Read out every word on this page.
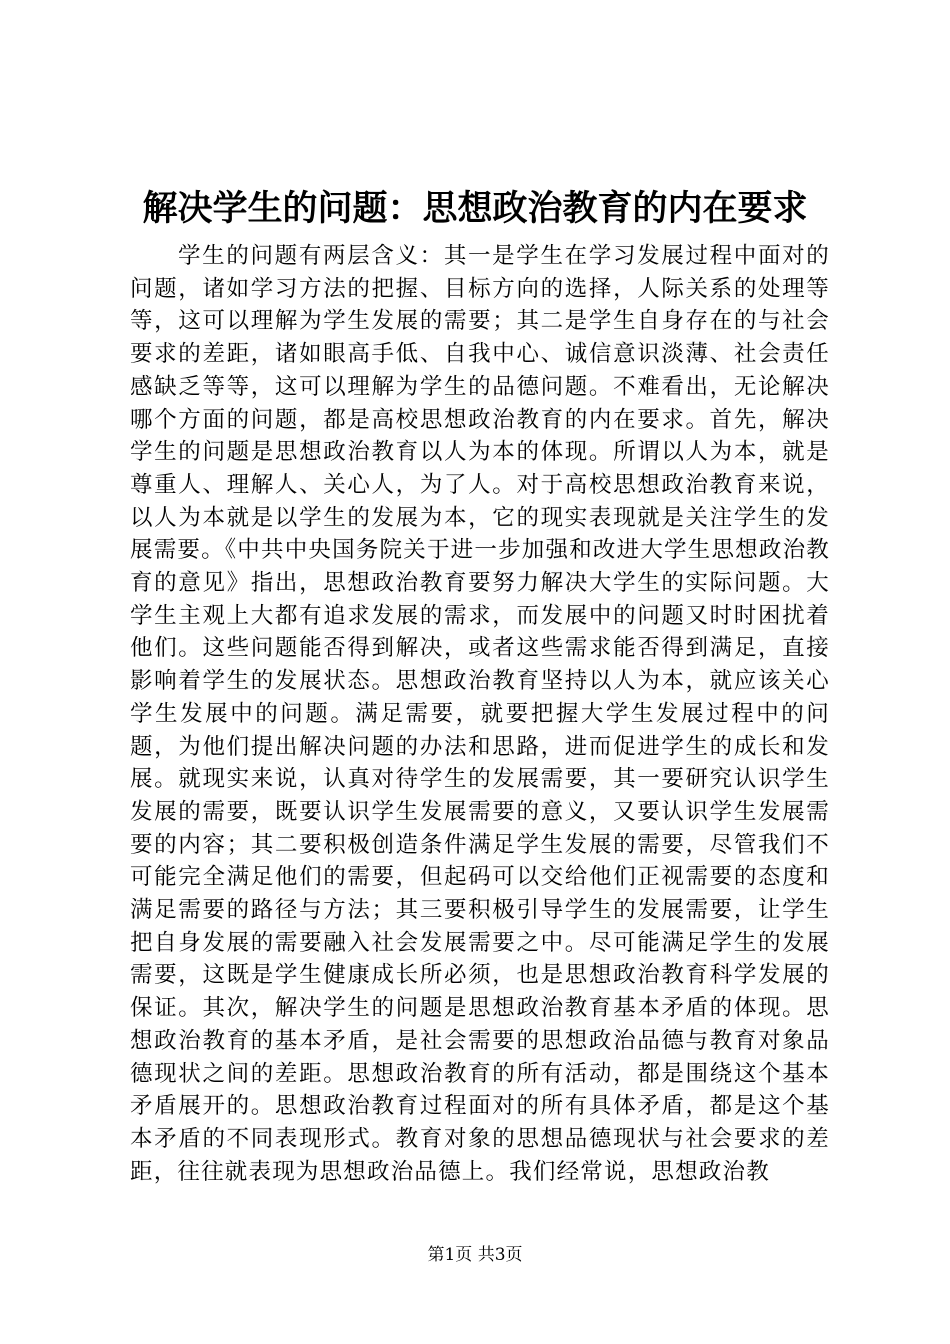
解决学生的问题：思想政治教育的内在要求

学生的问题有两层含义：其一是学生在学习发展过程中面对的问题，诸如学习方法的把握、目标方向的选择，人际关系的处理等等，这可以理解为学生发展的需要；其二是学生自身存在的与社会要求的差距，诸如眼高手低、自我中心、诚信意识淡薄、社会责任感缺乏等等，这可以理解为学生的品德问题。不难看出，无论解决哪个方面的问题，都是高校思想政治教育的内在要求。首先，解决学生的问题是思想政治教育以人为本的体现。所谓以人为本，就是尊重人、理解人、关心人，为了人。对于高校思想政治教育来说，以人为本就是以学生的发展为本，它的现实表现就是关注学生的发展需要。《中共中央国务院关于进一步加强和改进大学生思想政治教育的意见》指出，思想政治教育要努力解决大学生的实际问题。大学生主观上大都有追求发展的需求，而发展中的问题又时时困扰着他们。这些问题能否得到解决，或者这些需求能否得到满足，直接影响着学生的发展状态。思想政治教育坚持以人为本，就应该关心学生发展中的问题。满足需要，就要把握大学生发展过程中的问题，为他们提出解决问题的办法和思路，进而促进学生的成长和发展。就现实来说，认真对待学生的发展需要，其一要研究认识学生发展的需要，既要认识学生发展需要的意义，又要认识学生发展需要的内容；其二要积极创造条件满足学生发展的需要，尽管我们不可能完全满足他们的需要，但起码可以交给他们正视需要的态度和满足需要的路径与方法；其三要积极引导学生的发展需要，让学生把自身发展的需要融入社会发展需要之中。尽可能满足学生的发展需要，这既是学生健康成长所必须，也是思想政治教育科学发展的保证。其次，解决学生的问题是思想政治教育基本矛盾的体现。思想政治教育的基本矛盾，是社会需要的思想政治品德与教育对象品德现状之间的差距。思想政治教育的所有活动，都是围绕这个基本矛盾展开的。思想政治教育过程面对的所有具体矛盾，都是这个基本矛盾的不同表现形式。教育对象的思想品德现状与社会要求的差距，往往就表现为思想政治品德上。我们经常说，思想政治教

第1页 共3页
